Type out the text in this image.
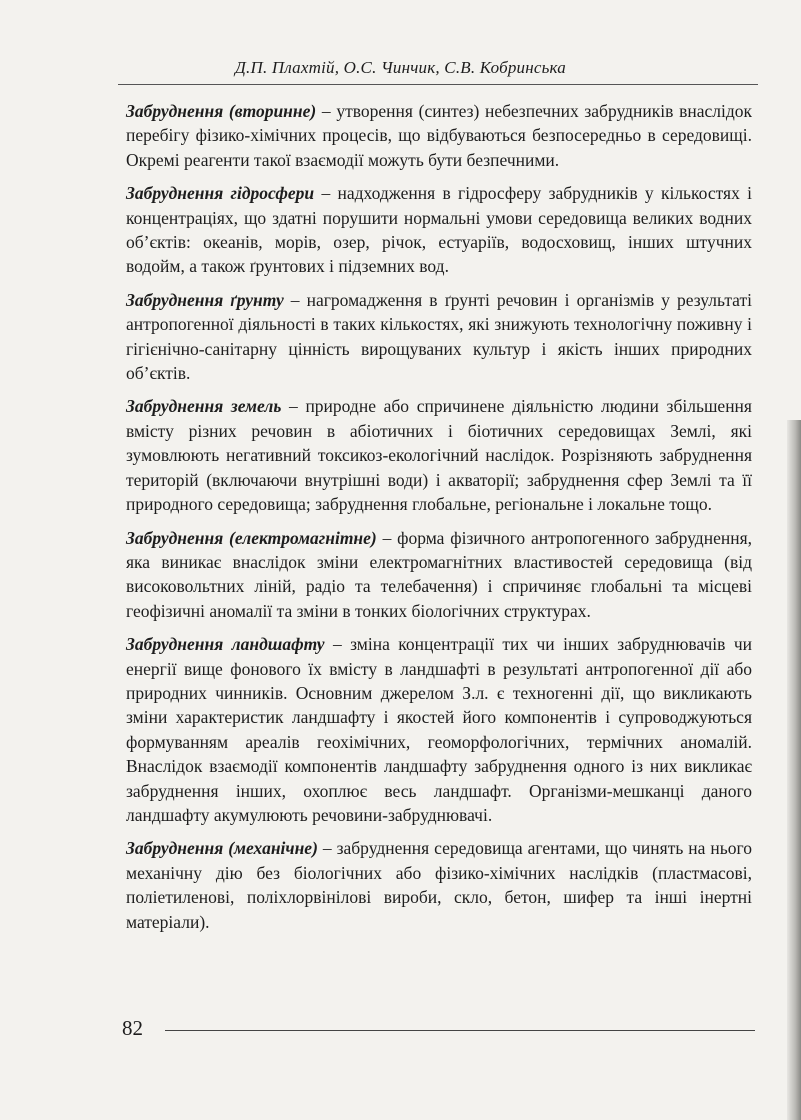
Д.П. Плахтій, О.С. Чинчик, С.В. Кобринська

Забруднення (вторинне) – утворення (синтез) небезпечних забрудників внаслідок перебігу фізико-хімічних процесів, що відбуваються безпосередньо в середовищі. Окремі реагенти такої взаємодії можуть бути безпечними.

Забруднення гідросфери – надходження в гідросферу забрудників у кількостях і концентраціях, що здатні порушити нормальні умови середовища великих водних об’єктів: океанів, морів, озер, річок, естуаріїв, водосховищ, інших штучних водойм, а також ґрунтових і підземних вод.

Забруднення ґрунту – нагромадження в ґрунті речовин і організмів у результаті антропогенної діяльності в таких кількостях, які знижують технологічну поживну і гігієнічно-санітарну цінність вирощуваних культур і якість інших природних об’єктів.

Забруднення земель – природне або спричинене діяльністю людини збільшення вмісту різних речовин в абіотичних і біотичних середовищах Землі, які зумовлюють негативний токсикоз-екологічний наслідок. Розрізняють забруднення територій (включаючи внутрішні води) і акваторії; забруднення сфер Землі та її природного середовища; забруднення глобальне, регіональне і локальне тощо.

Забруднення (електромагнітне) – форма фізичного антропогенного забруднення, яка виникає внаслідок зміни електромагнітних властивостей середовища (від високовольтних ліній, радіо та телебачення) і спричиняє глобальні та місцеві геофізичні аномалії та зміни в тонких біологічних структурах.

Забруднення ландшафту – зміна концентрації тих чи інших забруднювачів чи енергії вище фонового їх вмісту в ландшафті в результаті антропогенної дії або природних чинників. Основним джерелом З.л. є техногенні дії, що викликають зміни характеристик ландшафту і якостей його компонентів і супроводжуються формуванням ареалів геохімічних, геоморфологічних, термічних аномалій. Внаслідок взаємодії компонентів ландшафту забруднення одного із них викликає забруднення інших, охоплює весь ландшафт. Організми-мешканці даного ландшафту акумулюють речовини-забруднювачі.

Забруднення (механічне) – забруднення середовища агентами, що чинять на нього механічну дію без біологічних або фізико-хімічних наслідків (пластмасові, поліетиленові, поліхлорвінілові вироби, скло, бетон, шифер та інші інертні матеріали).

82
